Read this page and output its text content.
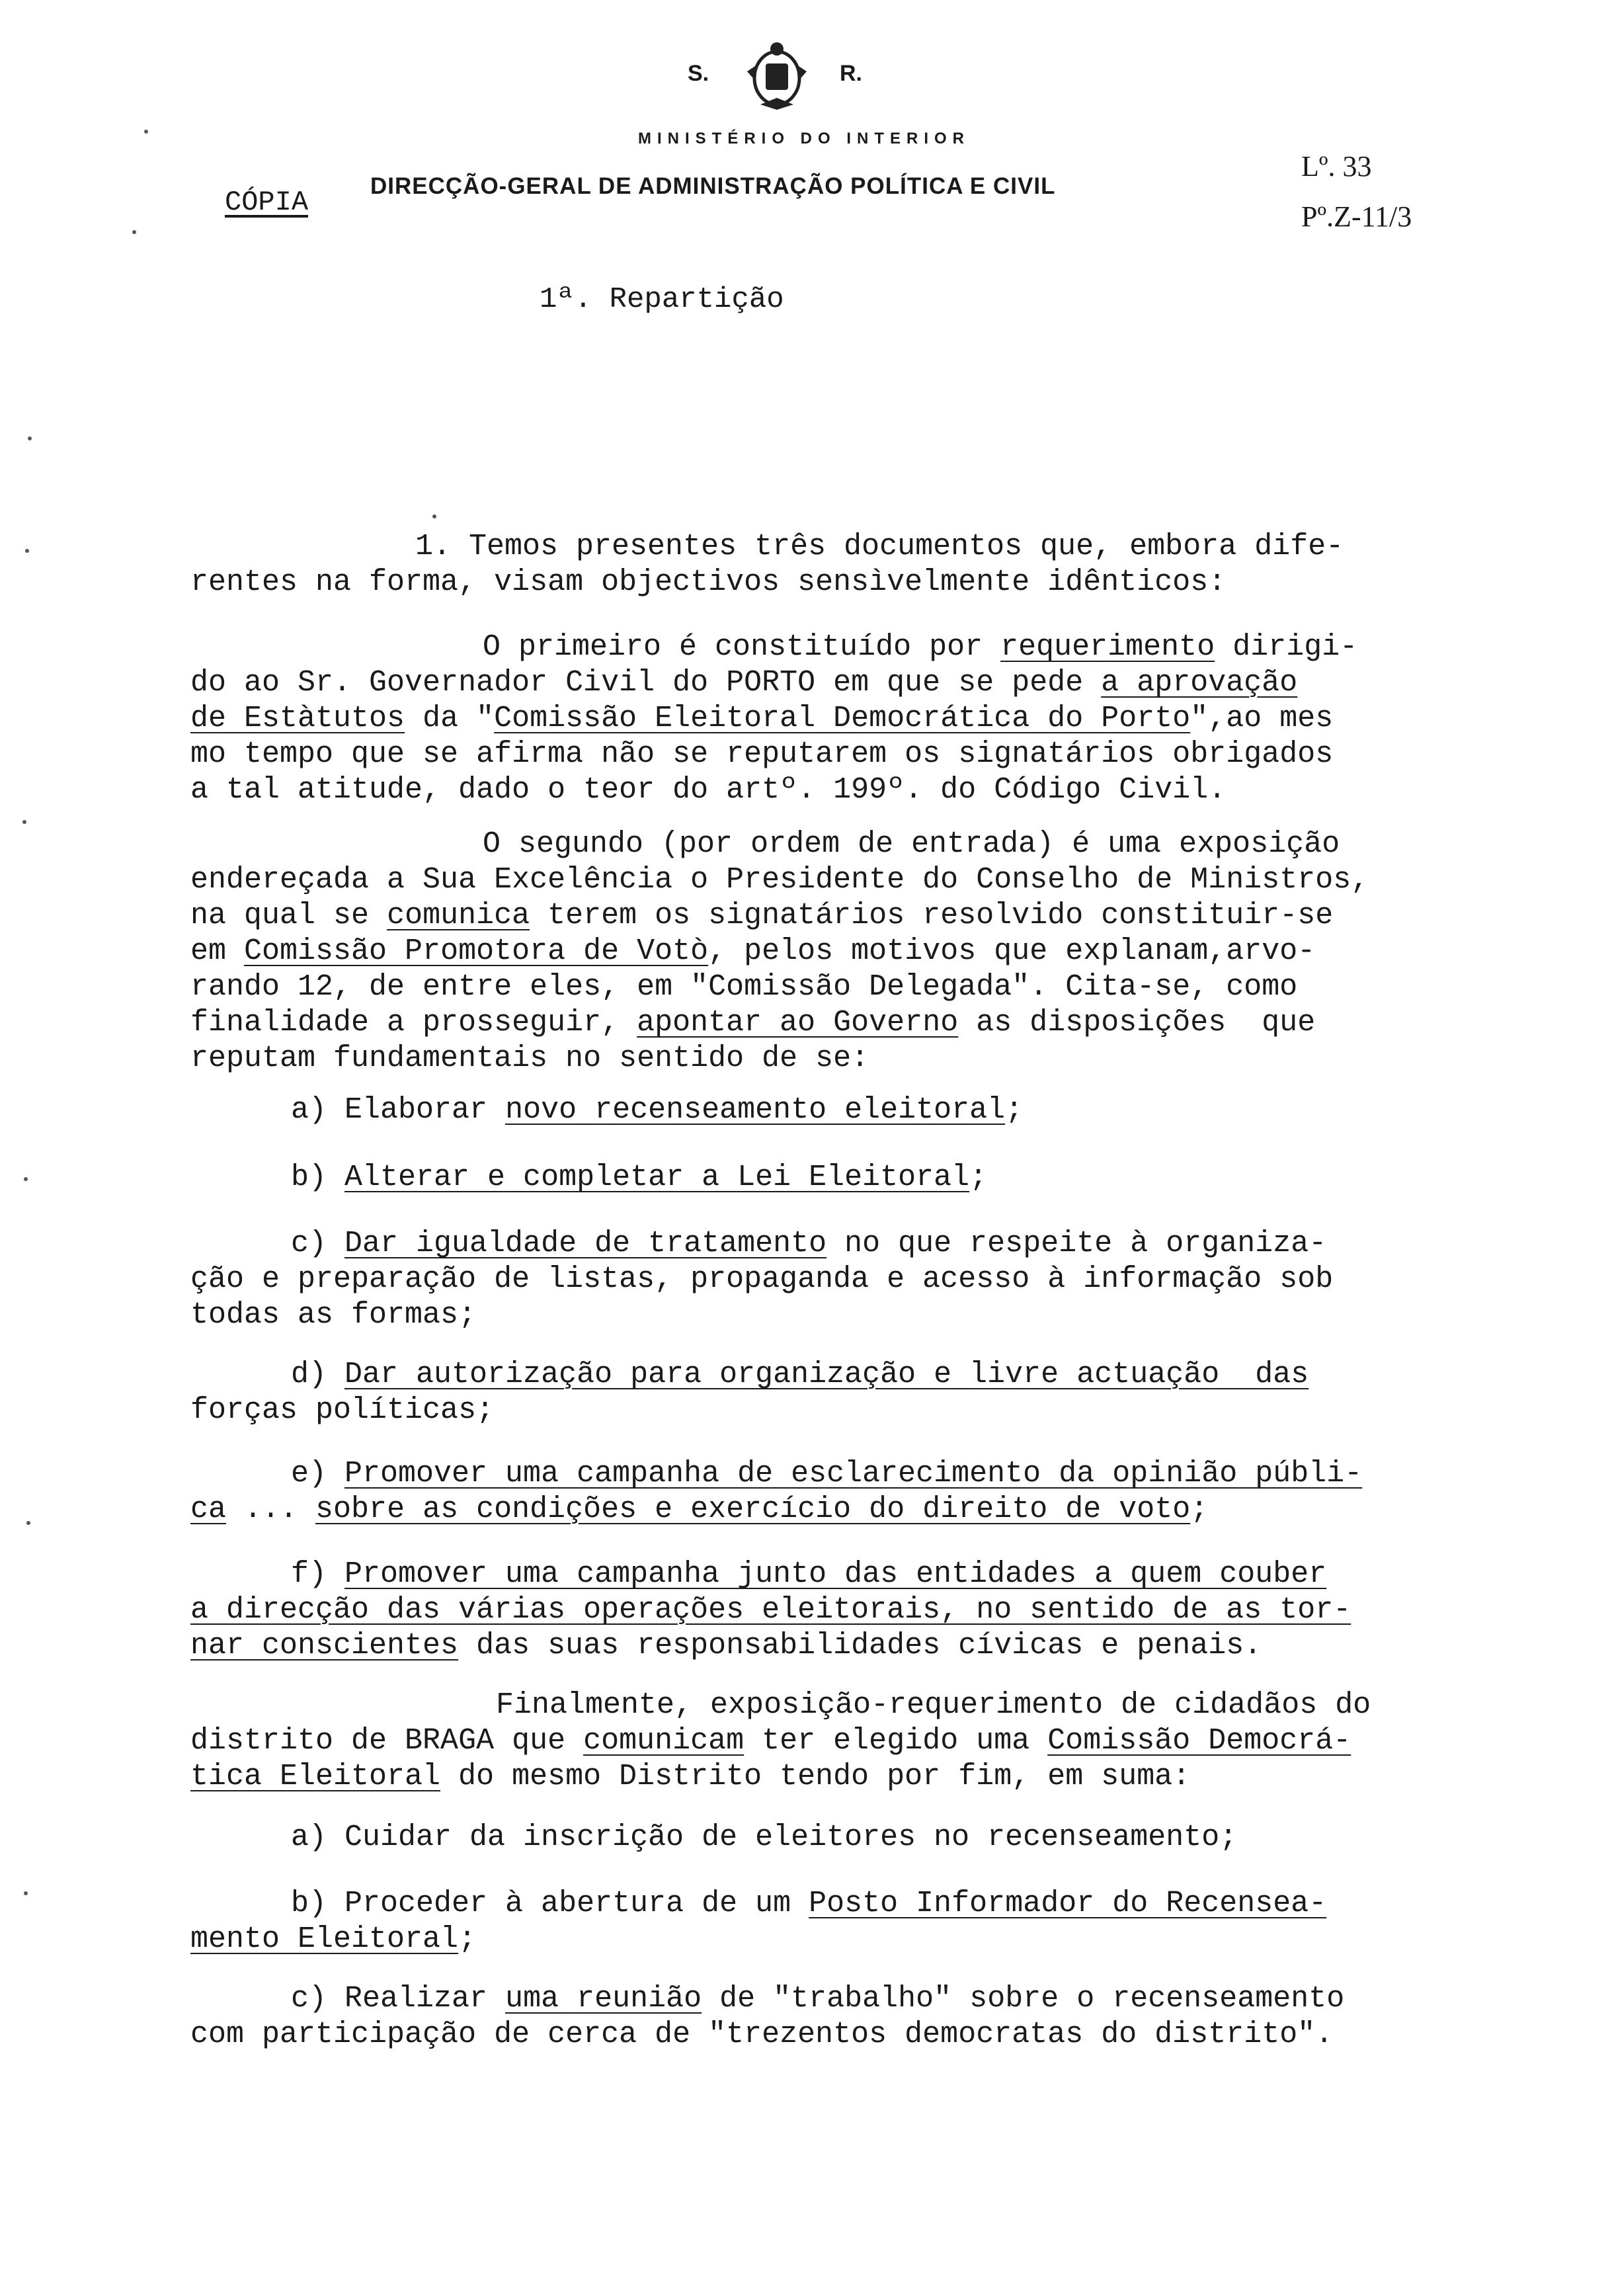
S.	R.
MINISTÉRIO DO INTERIOR
CÓPIA
DIRECÇÃO-GERAL DE ADMINISTRAÇÃO POLÍTICA E CIVIL
Lº. 33
Pº.Z-11/3
1ª. Repartição
1. Temos presentes três documentos que, embora dife-
rentes na forma, visam objectivos sensìvelmente idênticos:
O primeiro é constituído por requerimento dirigi-
do ao Sr. Governador Civil do PORTO em que se pede a aprovação
de Estàtutos da "Comissão Eleitoral Democrática do Porto",ao mes
mo tempo que se afirma não se reputarem os signatários obrigados
a tal atitude, dado o teor do artº. 199º. do Código Civil.
O segundo (por ordem de entrada) é uma exposição
endereçada a Sua Excelência o Presidente do Conselho de Ministros,
na qual se comunica terem os signatários resolvido constituir-se
em Comissão Promotora de Votò, pelos motivos que explanam,arvo-
rando 12, de entre eles, em "Comissão Delegada". Cita-se, como
finalidade a prosseguir, apontar ao Governo as disposições  que
reputam fundamentais no sentido de se:
a) Elaborar novo recenseamento eleitoral;
b) Alterar e completar a Lei Eleitoral;
c) Dar igualdade de tratamento no que respeite à organiza-
ção e preparação de listas, propaganda e acesso à informação sob
todas as formas;
d) Dar autorização para organização e livre actuação  das
forças políticas;
e) Promover uma campanha de esclarecimento da opinião públi-
ca ... sobre as condições e exercício do direito de voto;
f) Promover uma campanha junto das entidades a quem couber
a direcção das várias operações eleitorais, no sentido de as tor-
nar conscientes das suas responsabilidades cívicas e penais.
Finalmente, exposição-requerimento de cidadãos do
distrito de BRAGA que comunicam ter elegido uma Comissão Democrá-
tica Eleitoral do mesmo Distrito tendo por fim, em suma:
a) Cuidar da inscrição de eleitores no recenseamento;
b) Proceder à abertura de um Posto Informador do Recensea-
mento Eleitoral;
c) Realizar uma reunião de "trabalho" sobre o recenseamento
com participação de cerca de "trezentos democratas do distrito".
